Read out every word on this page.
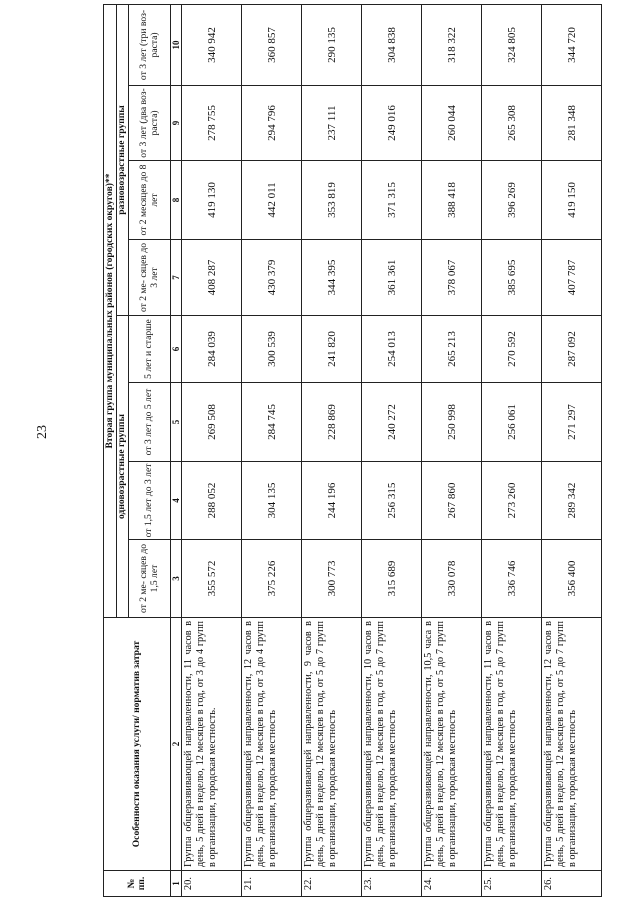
23
№ пп.	Особенности оказания услуги/ норматив затрат	Вторая группа муниципальных районов (городских округов)**							
		одновозрастные группы				разновозрастные группы			
		от 2 ме- сяцев до 1,5 лет	от 1,5 лет до 3 лет	от 3 лет до 5 лет	5 лет и старше	от 2 ме- сяцев до 3 лет	от 2 месяцев до 8 лет	от 3 лет (два воз- раста)	от 3 лет (три воз- раста)
1	2	3	4	5	6	7	8	9	10
20.	Группа общеразвивающей направленности, 11 часов в день, 5 дней в неделю, 12 месяцев в год, от 3 до 4 групп в организации, городская местность.	355 572	288 052	269 508	284 039	408 287	419 130	278 755	340 942
21.	Группа общеразвивающей направленности, 12 часов в день, 5 дней в неделю, 12 месяцев в год, от 3 до 4 групп в организации, городская местность	375 226	304 135	284 745	300 539	430 379	442 011	294 796	360 857
22.	Группа общеразвивающей направленности, 9 часов в день, 5 дней в неделю, 12 месяцев в год, от 5 до 7 групп в организации, городская местность	300 773	244 196	228 869	241 820	344 395	353 819	237 111	290 135
23.	Группа общеразвивающей направленности, 10 часов в день, 5 дней в неделю, 12 месяцев в год, от 5 до 7 групп в организации, городская местность	315 689	256 315	240 272	254 013	361 361	371 315	249 016	304 838
24.	Группа общеразвивающей направленности, 10,5 часа в день, 5 дней в неделю, 12 месяцев в год, от 5 до 7 групп в организации, городская местность	330 078	267 860	250 998	265 213	378 067	388 418	260 044	318 322
25.	Группа общеразвивающей направленности, 11 часов в день, 5 дней в неделю, 12 месяцев в год, от 5 до 7 групп в организации, городская местность	336 746	273 260	256 061	270 592	385 695	396 269	265 308	324 805
26.	Группа общеразвивающей направленности, 12 часов в день, 5 дней в неделю, 12 месяцев в год, от 5 до 7 групп в организации, городская местность	356 400	289 342	271 297	287 092	407 787	419 150	281 348	344 720
